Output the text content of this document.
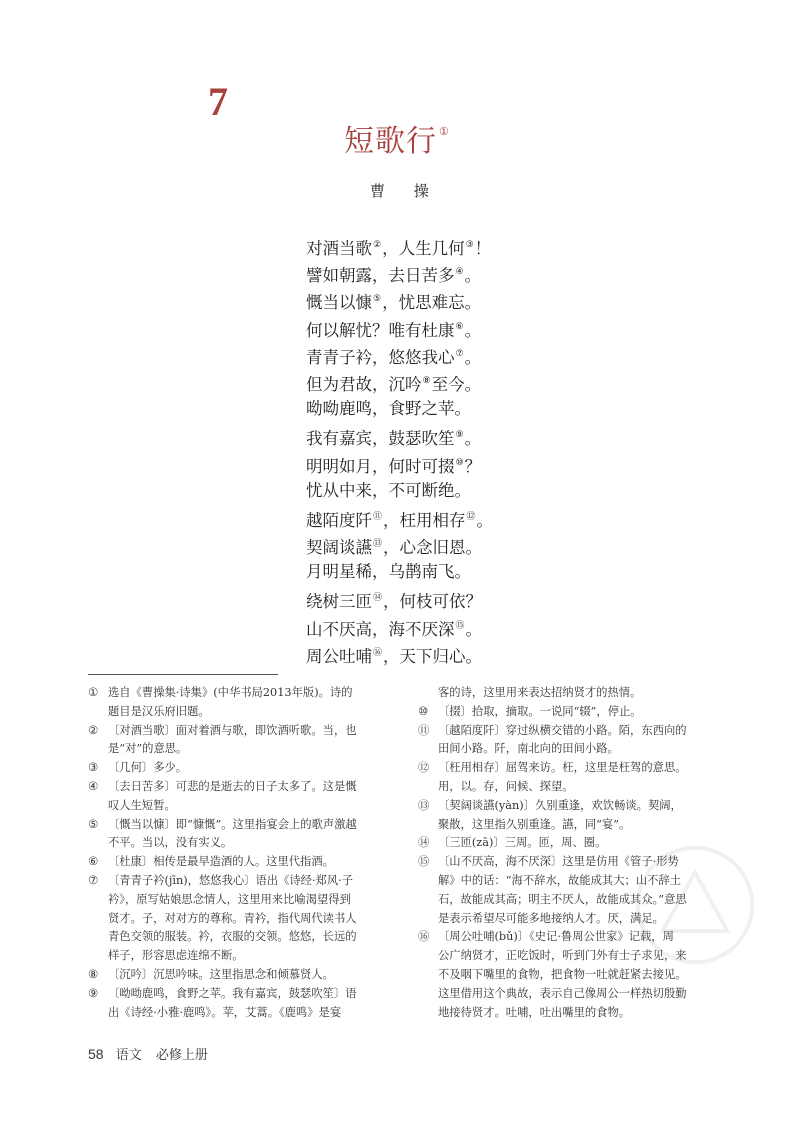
7
短歌行 ①
曹 操
对酒当歌②，人生几何③！
譬如朝露，去日苦多④。
慨当以慷⑤，忧思难忘。
何以解忧？唯有杜康⑥。
青青子衿，悠悠我心⑦。
但为君故，沉吟⑧至今。
呦呦鹿鸣，食野之苹。
我有嘉宾，鼓瑟吹笙⑨。
明明如月，何时可掇⑩？
忧从中来，不可断绝。
越陌度阡⑪，枉用相存⑫。
契阔谈讌⑬，心念旧恩。
月明星稀，乌鹊南飞。
绕树三匝⑭，何枝可依？
山不厌高，海不厌深⑮。
周公吐哺⑯，天下归心。
① 选自《曹操集·诗集》(中华书局2013年版)。诗的
题目是汉乐府旧题。
② 〔对酒当歌〕面对着酒与歌，即饮酒听歌。当，也
是“对”的意思。
③ 〔几何〕多少。
④ 〔去日苦多〕可悲的是逝去的日子太多了。这是慨
叹人生短暂。
⑤ 〔慨当以慷〕即“慷慨”。这里指宴会上的歌声激越
不平。当以，没有实义。
⑥ 〔杜康〕相传是最早造酒的人。这里代指酒。
⑦ 〔青青子衿(jīn)，悠悠我心〕语出《诗经·郑风·子
衿》，原写姑娘思念情人，这里用来比喻渴望得到
贤才。子，对对方的尊称。青衿，指代周代读书人
青色交领的服装。衿，衣服的交领。悠悠，长远的
样子，形容思虑连绵不断。
⑧ 〔沉吟〕沉思吟味。这里指思念和倾慕贤人。
⑨ 〔呦呦鹿鸣，食野之苹。我有嘉宾，鼓瑟吹笙〕语
出《诗经·小雅·鹿鸣》。苹，艾蒿。《鹿鸣》是宴
客的诗，这里用来表达招纳贤才的热情。
⑩ 〔掇〕拾取，摘取。一说同“辍”，停止。
⑪ 〔越陌度阡〕穿过纵横交错的小路。陌，东西向的
田间小路。阡，南北向的田间小路。
⑫ 〔枉用相存〕屈驾来访。枉，这里是枉驾的意思。
用，以。存，问候、探望。
⑬ 〔契阔谈讌(yàn)〕久别重逢，欢饮畅谈。契阔，
聚散，这里指久别重逢。讌，同“宴”。
⑭ 〔三匝(zā)〕三周。匝，周、圈。
⑮ 〔山不厌高，海不厌深〕这里是仿用《管子·形势
解》中的话：“海不辞水，故能成其大；山不辞土
石，故能成其高；明主不厌人，故能成其众。”意思
是表示希望尽可能多地接纳人才。厌，满足。
⑯ 〔周公吐哺(bǔ)〕《史记·鲁周公世家》记载，周
公广纳贤才，正吃饭时，听到门外有士子求见，来
不及咽下嘴里的食物，把食物一吐就赶紧去接见。
这里借用这个典故，表示自己像周公一样热切殷勤
地接待贤才。吐哺，吐出嘴里的食物。
58 语文 必修上册
